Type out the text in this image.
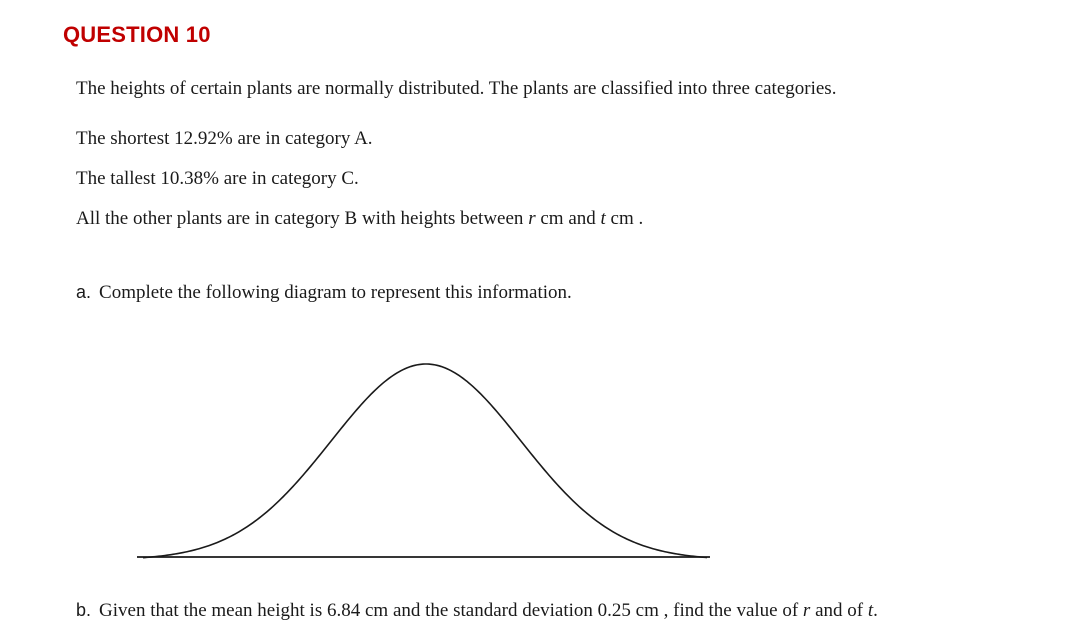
QUESTION 10
The heights of certain plants are normally distributed. The plants are classified into three categories.
The shortest 12.92% are in category A.
The tallest 10.38% are in category C.
All the other plants are in category B with heights between r cm and t cm .
a. Complete the following diagram to represent this information.
b. Given that the mean height is 6.84 cm and the standard deviation 0.25 cm , find the value of r and of t.
